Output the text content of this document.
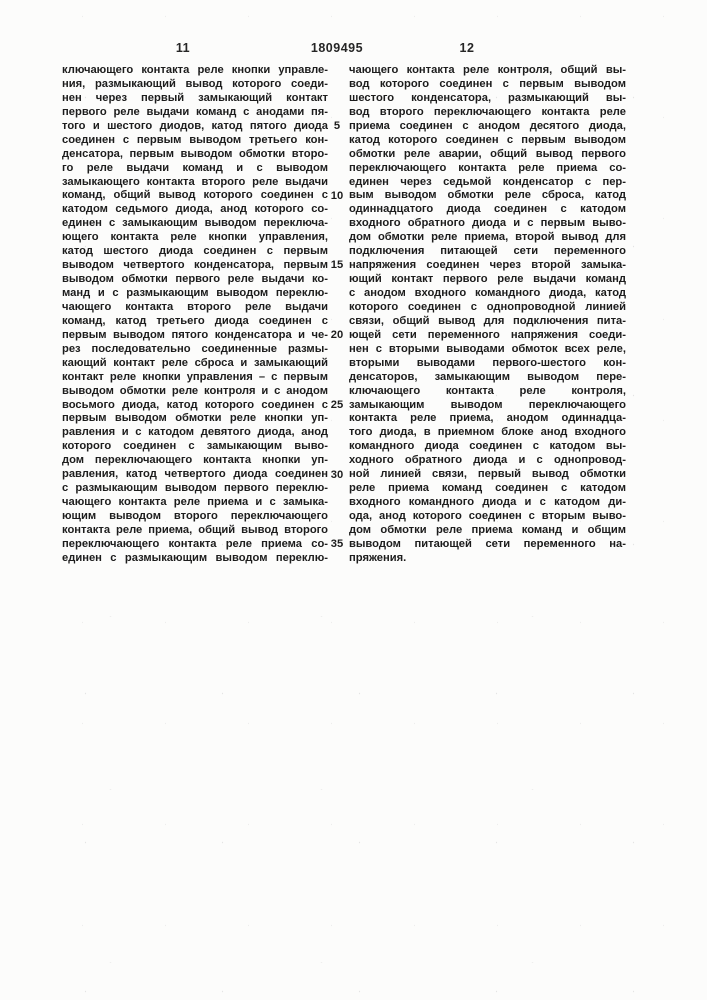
11	1809495	12
ключающего контакта реле кнопки управле-
ния, размыкающий вывод которого соеди-
нен через первый замыкающий контакт
первого реле выдачи команд с анодами пя-
того и шестого диодов, катод пятого диода
соединен с первым выводом третьего кон-
денсатора, первым выводом обмотки второ-
го реле выдачи команд и с выводом
замыкающего контакта второго реле выдачи
команд, общий вывод которого соединен с
катодом седьмого диода, анод которого со-
единен с замыкающим выводом переключа-
ющего контакта реле кнопки управления,
катод шестого диода соединен с первым
выводом четвертого конденсатора, первым
выводом обмотки первого реле выдачи ко-
манд и с размыкающим выводом переклю-
чающего контакта второго реле выдачи
команд, катод третьего диода соединен с
первым выводом пятого конденсатора и че-
рез последовательно соединенные размы-
кающий контакт реле сброса и замыкающий
контакт реле кнопки управления – с первым
выводом обмотки реле контроля и с анодом
восьмого диода, катод которого соединен с
первым выводом обмотки реле кнопки уп-
равления и с катодом девятого диода, анод
которого соединен с замыкающим выво-
дом переключающего контакта кнопки уп-
равления, катод четвертого диода соединен
с размыкающим выводом первого переклю-
чающего контакта реле приема и с замыка-
ющим выводом второго переключающего
контакта реле приема, общий вывод второго
переключающего контакта реле приема со-
единен с размыкающим выводом переклю-
5
10
15
20
25
30
35
чающего контакта реле контроля, общий вы-
вод которого соединен с первым выводом
шестого конденсатора, размыкающий вы-
вод второго переключающего контакта реле
приема соединен с анодом десятого диода,
катод которого соединен с первым выводом
обмотки реле аварии, общий вывод первого
переключающего контакта реле приема со-
единен через седьмой конденсатор с пер-
вым выводом обмотки реле сброса, катод
одиннадцатого диода соединен с катодом
входного обратного диода и с первым выво-
дом обмотки реле приема, второй вывод для
подключения питающей сети переменного
напряжения соединен через второй замыка-
ющий контакт первого реле выдачи команд
с анодом входного командного диода, катод
которого соединен с однопроводной линией
связи, общий вывод для подключения пита-
ющей сети переменного напряжения соеди-
нен с вторыми выводами обмоток всех реле,
вторыми выводами первого-шестого кон-
денсаторов, замыкающим выводом пере-
ключающего контакта реле контроля,
замыкающим выводом переключающего
контакта реле приема, анодом одиннадца-
того диода, в приемном блоке анод входного
командного диода соединен с катодом вы-
ходного обратного диода и с однопровод-
ной линией связи, первый вывод обмотки
реле приема команд соединен с катодом
входного командного диода и с катодом ди-
ода, анод которого соединен с вторым выво-
дом обмотки реле приема команд и общим
выводом питающей сети переменного на-
пряжения.
